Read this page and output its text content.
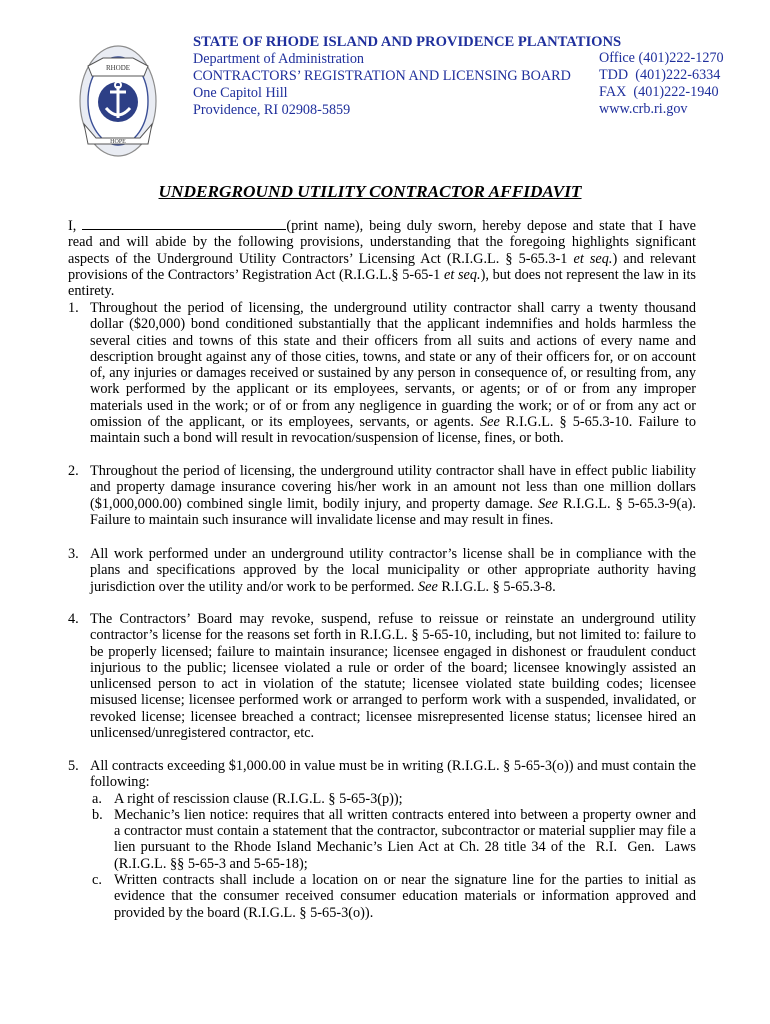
RHODE
HOPE
STATE OF RHODE ISLAND AND PROVIDENCE PLANTATIONS
Department of Administration
CONTRACTORS’ REGISTRATION AND LICENSING BOARD
One Capitol Hill
Providence, RI 02908-5859
Office (401)222-1270
TDD  (401)222-6334
FAX  (401)222-1940
www.crb.ri.gov
UNDERGROUND UTILITY CONTRACTOR AFFIDAVIT
I,	(print name), being duly sworn, hereby depose and state that I have read and will abide by the following provisions, understanding that the foregoing highlights significant aspects of the Underground Utility Contractors’ Licensing Act (R.I.G.L. § 5-65.3-1 et seq.) and relevant provisions of the Contractors’ Registration Act (R.I.G.L.§ 5-65-1 et seq.), but does not represent the law in its entirety.
1. Throughout the period of licensing, the underground utility contractor shall carry a twenty thousand dollar ($20,000) bond conditioned substantially that the applicant indemnifies and holds harmless the several cities and towns of this state and their officers from all suits and actions of every name and description brought against any of those cities, towns, and state or any of their officers for, or on account of, any injuries or damages received or sustained by any person in consequence of, or resulting from, any work performed by the applicant or its employees, servants, or agents; or of or from any improper     materials used in the work; or of or from any negligence in guarding the work; or of or from any act or omission of the applicant, or its employees, servants, or agents. See R.I.G.L. § 5-65.3-10. Failure to maintain such a bond will result in revocation/suspension of license, fines, or both.
2. Throughout the period of licensing, the underground utility contractor shall have in effect public liability and property damage insurance covering his/her work in an amount not less than one million dollars ($1,000,000.00) combined single limit, bodily injury, and property damage. See R.I.G.L. § 5-65.3-9(a). Failure to maintain such insurance will invalidate license and may result in fines.
3. All work performed under an underground utility contractor’s license shall be in compliance with the plans and specifications approved by the local municipality or other appropriate authority having jurisdiction over the utility and/or work to be performed. See R.I.G.L. § 5-65.3-8.
4. The Contractors’ Board may revoke, suspend, refuse to reissue or reinstate an underground utility contractor’s license for the reasons set forth in R.I.G.L. § 5-65-10, including, but not limited to: failure to be properly licensed; failure to maintain insurance; licensee engaged in dishonest or fraudulent conduct injurious to the public; licensee violated a rule or order of the board; licensee knowingly assisted an unlicensed person to act in violation of the statute; licensee violated state building codes; licensee misused license; licensee performed work or arranged to perform work with a suspended, invalidated, or revoked license; licensee breached a contract; licensee misrepresented license status; licensee hired an unlicensed/unregistered contractor, etc.
5. All contracts exceeding $1,000.00 in value must be in writing (R.I.G.L. § 5-65-3(o)) and must contain the following:
a. A right of rescission clause (R.I.G.L. § 5-65-3(p));
b. Mechanic’s lien notice: requires that all written contracts entered into between a property owner and a contractor must contain a statement that the contractor, subcontractor or material supplier may file a lien pursuant to the Rhode Island Mechanic’s Lien Act at Ch. 28 title 34 of the  R.I.  Gen.  Laws (R.I.G.L. §§ 5-65-3 and 5-65-18);
c. Written contracts shall include a location on or near the signature line for the parties to initial as evidence that the consumer received consumer education materials or information approved and provided by the board (R.I.G.L. § 5-65-3(o)).
